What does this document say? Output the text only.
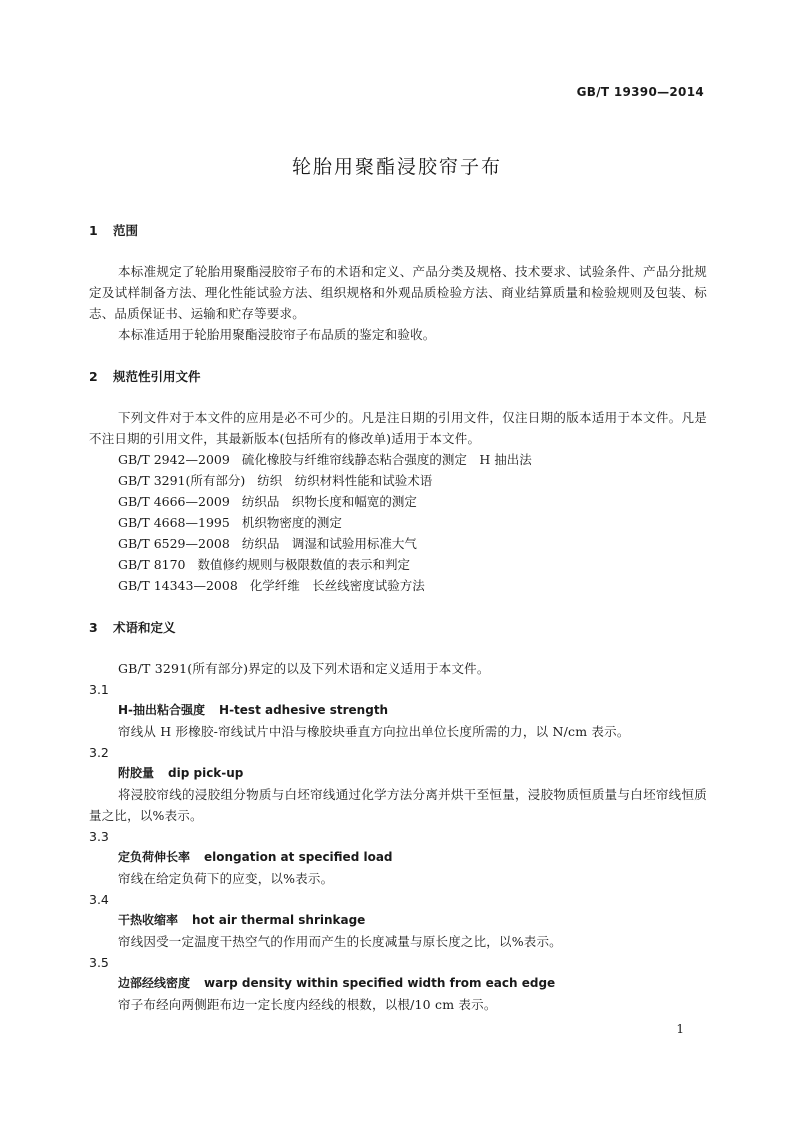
GB/T 19390—2014
轮胎用聚酯浸胶帘子布
1 范围
本标准规定了轮胎用聚酯浸胶帘子布的术语和定义、产品分类及规格、技术要求、试验条件、产品分批规定及试样制备方法、理化性能试验方法、组织规格和外观品质检验方法、商业结算质量和检验规则及包装、标志、品质保证书、运输和贮存等要求。
本标准适用于轮胎用聚酯浸胶帘子布品质的鉴定和验收。
2 规范性引用文件
下列文件对于本文件的应用是必不可少的。凡是注日期的引用文件，仅注日期的版本适用于本文件。凡是不注日期的引用文件，其最新版本(包括所有的修改单)适用于本文件。
GB/T 2942—2009 硫化橡胶与纤维帘线静态粘合强度的测定　H 抽出法
GB/T 3291(所有部分) 纺织　纺织材料性能和试验术语
GB/T 4666—2009 纺织品　织物长度和幅宽的测定
GB/T 4668—1995 机织物密度的测定
GB/T 6529—2008 纺织品　调湿和试验用标准大气
GB/T 8170 数值修约规则与极限数值的表示和判定
GB/T 14343—2008 化学纤维　长丝线密度试验方法
3 术语和定义
GB/T 3291(所有部分)界定的以及下列术语和定义适用于本文件。
3.1
H-抽出粘合强度 H-test adhesive strength
帘线从 H 形橡胶-帘线试片中沿与橡胶块垂直方向拉出单位长度所需的力，以 N/cm 表示。
3.2
附胶量 dip pick-up
将浸胶帘线的浸胶组分物质与白坯帘线通过化学方法分离并烘干至恒量，浸胶物质恒质量与白坯帘线恒质量之比，以%表示。
3.3
定负荷伸长率 elongation at specified load
帘线在给定负荷下的应变，以%表示。
3.4
干热收缩率 hot air thermal shrinkage
帘线因受一定温度干热空气的作用而产生的长度减量与原长度之比，以%表示。
3.5
边部经线密度 warp density within specified width from each edge
帘子布经向两侧距布边一定长度内经线的根数，以根/10 cm 表示。
1
